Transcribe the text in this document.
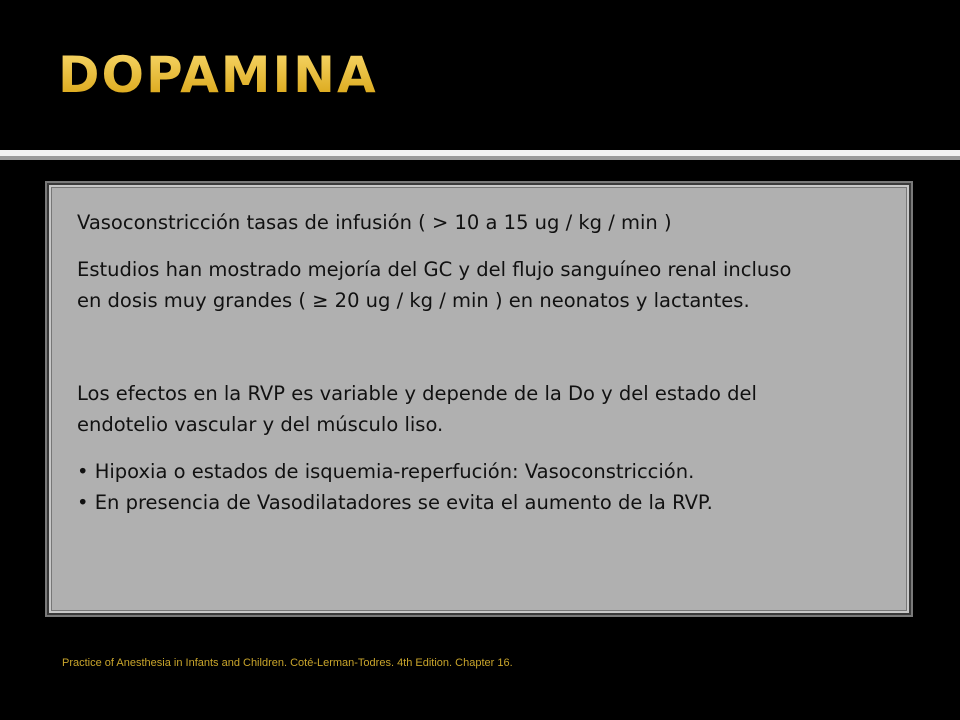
DOPAMINA

Vasoconstricción tasas de infusión ( > 10 a 15 ug / kg / min )

Estudios han mostrado mejoría del GC y del flujo sanguíneo renal incluso

en dosis muy grandes ( ≥ 20 ug / kg / min ) en neonatos y lactantes.

Los efectos en la RVP es variable y depende de la Do y del estado del

endotelio vascular y del músculo liso.

• Hipoxia o estados de isquemia-reperfución: Vasoconstricción.

• En presencia de Vasodilatadores se evita el aumento de la RVP.

Practice of Anesthesia in Infants and Children. Coté-Lerman-Todres. 4th Edition. Chapter 16.
